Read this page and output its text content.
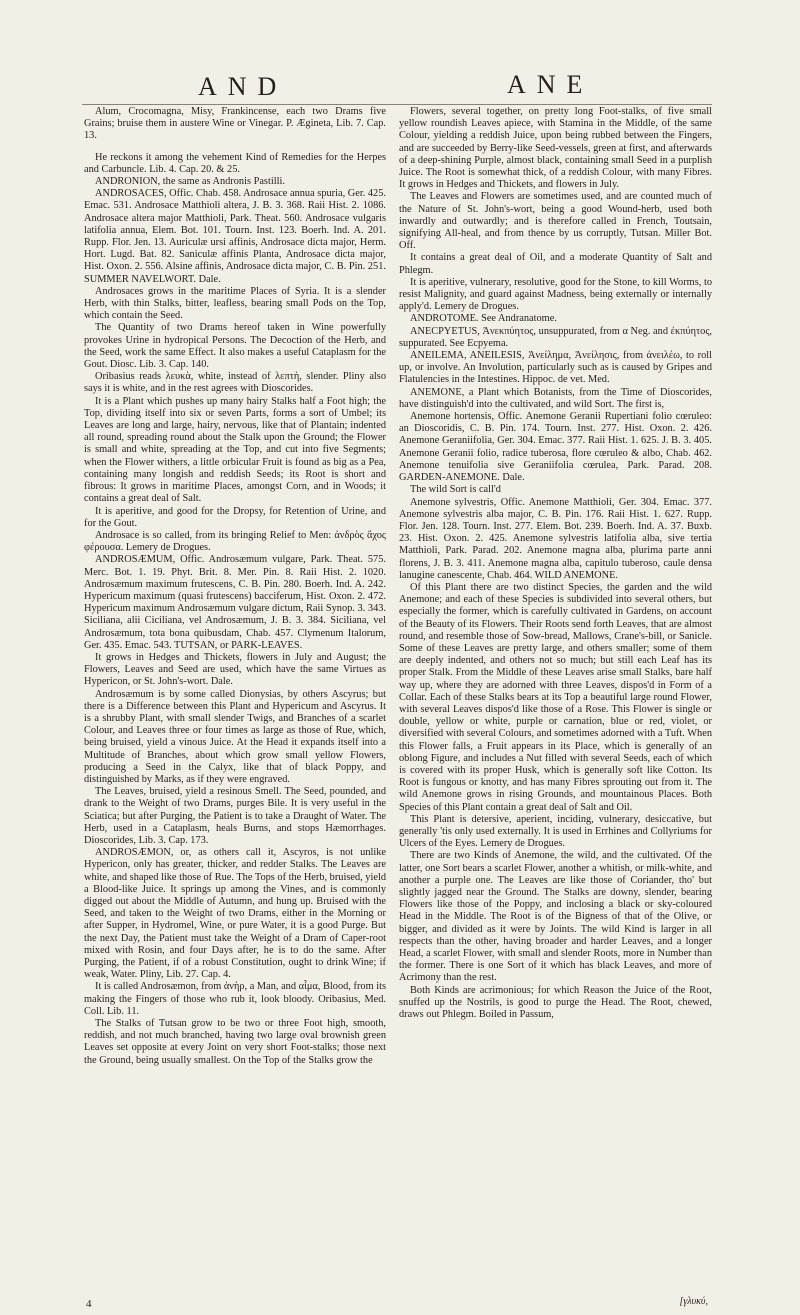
AND	ANE

Alum, Crocomagna, Misy, Frankincense, each two Drams five Grains; bruise them in austere Wine or Vinegar. P. Ægineta, Lib. 7. Cap. 13.

He reckons it among the vehement Kind of Remedies for the Herpes and Carbuncle. Lib. 4. Cap. 20. & 25.

ANDRONION, the same as Andronis Pastilli.

ANDROSACES, Offic. Chab. 458. Androsace annua spuria, Ger. 425. Emac. 531. Androsace Matthioli altera, J. B. 3. 368. Raii Hist. 2. 1086. Androsace altera major Matthioli, Park. Theat. 560. Androsace vulgaris latifolia annua, Elem. Bot. 101. Tourn. Inst. 123. Boerh. Ind. A. 201. Rupp. Flor. Jen. 13. Auriculæ ursi affinis, Androsace dicta major, Herm. Hort. Lugd. Bat. 82. Saniculæ affinis Planta, Androsace dicta major, Hist. Oxon. 2. 556. Alsine affinis, Androsace dicta major, C. B. Pin. 251. SUMMER NAVELWORT. Dale.

Androsaces grows in the maritime Places of Syria. It is a slender Herb, with thin Stalks, bitter, leafless, bearing small Pods on the Top, which contain the Seed.

The Quantity of two Drams hereof taken in Wine powerfully provokes Urine in hydropical Persons. The Decoction of the Herb, and the Seed, work the same Effect. It also makes a useful Cataplasm for the Gout. Diosc. Lib. 3. Cap. 140.

Oribasius reads λευκὰ, white, instead of λεπτὴ, slender. Pliny also says it is white, and in the rest agrees with Dioscorides.

It is a Plant which pushes up many hairy Stalks half a Foot high; the Top, dividing itself into six or seven Parts, forms a sort of Umbel; its Leaves are long and large, hairy, nervous, like that of Plantain; indented all round, spreading round about the Stalk upon the Ground; the Flower is small and white, spreading at the Top, and cut into five Segments; when the Flower withers, a little orbicular Fruit is found as big as a Pea, containing many longish and reddish Seeds; its Root is short and fibrous: It grows in maritime Places, amongst Corn, and in Woods; it contains a great deal of Salt.

It is aperitive, and good for the Dropsy, for Retention of Urine, and for the Gout.

Androsace is so called, from its bringing Relief to Men: ἀνδρὸς ἄχος φέρουσα. Lemery de Drogues.

ANDROSÆMUM, Offic. Androsæmum vulgare, Park. Theat. 575. Merc. Bot. 1. 19. Phyt. Brit. 8. Mer. Pin. 8. Raii Hist. 2. 1020. Androsæmum maximum frutescens, C. B. Pin. 280. Boerh. Ind. A. 242. Hypericum maximum (quasi frutescens) bacciferum, Hist. Oxon. 2. 472. Hypericum maximum Androsæmum vulgare dictum, Raii Synop. 3. 343. Siciliana, alii Ciciliana, vel Androsæmum, J. B. 3. 384. Siciliana, vel Androsæmum, tota bona quibusdam, Chab. 457. Clymenum Italorum, Ger. 435. Emac. 543. TUTSAN, or PARK-LEAVES.

It grows in Hedges and Thickets, flowers in July and August; the Flowers, Leaves and Seed are used, which have the same Virtues as Hypericon, or St. John's-wort. Dale.

Androsæmum is by some called Dionysias, by others Ascyrus; but there is a Difference between this Plant and Hypericum and Ascyrus. It is a shrubby Plant, with small slender Twigs, and Branches of a scarlet Colour, and Leaves three or four times as large as those of Rue, which, being bruised, yield a vinous Juice. At the Head it expands itself into a Multitude of Branches, about which grow small yellow Flowers, producing a Seed in the Calyx, like that of black Poppy, and distinguished by Marks, as if they were engraved.

The Leaves, bruised, yield a resinous Smell. The Seed, pounded, and drank to the Weight of two Drams, purges Bile. It is very useful in the Sciatica; but after Purging, the Patient is to take a Draught of Water. The Herb, used in a Cataplasm, heals Burns, and stops Hæmorrhages. Dioscorides, Lib. 3. Cap. 173.

ANDROSÆMON, or, as others call it, Ascyros, is not unlike Hypericon, only has greater, thicker, and redder Stalks. The Leaves are white, and shaped like those of Rue. The Tops of the Herb, bruised, yield a Blood-like Juice. It springs up among the Vines, and is commonly digged out about the Middle of Autumn, and hung up. Bruised with the Seed, and taken to the Weight of two Drams, either in the Morning or after Supper, in Hydromel, Wine, or pure Water, it is a good Purge. But the next Day, the Patient must take the Weight of a Dram of Caper-root mixed with Rosin, and four Days after, he is to do the same. After Purging, the Patient, if of a robust Constitution, ought to drink Wine; if weak, Water. Pliny, Lib. 27. Cap. 4.

It is called Androsæmon, from ἀνὴρ, a Man, and αἷμα, Blood, from its making the Fingers of those who rub it, look bloody. Oribasius, Med. Coll. Lib. 11.

The Stalks of Tutsan grow to be two or three Foot high, smooth, reddish, and not much branched, having two large oval brownish green Leaves set opposite at every Joint on very short Foot-stalks; those next the Ground, being usually smallest. On the Top of the Stalks grow the

Flowers, several together, on pretty long Foot-stalks, of five small yellow roundish Leaves apiece, with Stamina in the Middle, of the same Colour, yielding a reddish Juice, upon being rubbed between the Fingers, and are succeeded by Berry-like Seed-vessels, green at first, and afterwards of a deep-shining Purple, almost black, containing small Seed in a purplish Juice. The Root is somewhat thick, of a reddish Colour, with many Fibres. It grows in Hedges and Thickets, and flowers in July.

The Leaves and Flowers are sometimes used, and are counted much of the Nature of St. John's-wort, being a good Wound-herb, used both inwardly and outwardly; and is therefore called in French, Toutsain, signifying All-heal, and from thence by us corruptly, Tutsan. Miller Bot. Off.

It contains a great deal of Oil, and a moderate Quantity of Salt and Phlegm.

It is aperitive, vulnerary, resolutive, good for the Stone, to kill Worms, to resist Malignity, and guard against Madness, being externally or internally apply'd. Lemery de Drogues.

ANDROTOME. See Andranatome.

ANECPYETUS, Ἀνεκπύητος, unsuppurated, from α Neg. and ἐκπύητος, suppurated. See Ecpyema.

ANEILEMA, ANEILESIS, Ἀνείλημα, Ἀνείλησις, from ἀνειλέω, to roll up, or involve. An Involution, particularly such as is caused by Gripes and Flatulencies in the Intestines. Hippoc. de vet. Med.

ANEMONE, a Plant which Botanists, from the Time of Dioscorides, have distinguish'd into the cultivated, and wild Sort. The first is,

Anemone hortensis, Offic. Anemone Geranii Rupertiani folio cœruleo: an Dioscoridis, C. B. Pin. 174. Tourn. Inst. 277. Hist. Oxon. 2. 426. Anemone Geraniifolia, Ger. 304. Emac. 377. Raii Hist. 1. 625. J. B. 3. 405. Anemone Geranii folio, radice tuberosa, flore cœruleo & albo, Chab. 462. Anemone tenuifolia sive Geraniifolia cœrulea, Park. Parad. 208. GARDEN-ANEMONE. Dale.

The wild Sort is call'd

Anemone sylvestris, Offic. Anemone Matthioli, Ger. 304. Emac. 377. Anemone sylvestris alba major, C. B. Pin. 176. Raii Hist. 1. 627. Rupp. Flor. Jen. 128. Tourn. Inst. 277. Elem. Bot. 239. Boerh. Ind. A. 37. Buxb. 23. Hist. Oxon. 2. 425. Anemone sylvestris latifolia alba, sive tertia Matthioli, Park. Parad. 202. Anemone magna alba, plurima parte anni florens, J. B. 3. 411. Anemone magna alba, capitulo tuberoso, caule densa lanugine canescente, Chab. 464. WILD ANEMONE.

Of this Plant there are two distinct Species, the garden and the wild Anemone; and each of these Species is subdivided into several others, but especially the former, which is carefully cultivated in Gardens, on account of the Beauty of its Flowers. Their Roots send forth Leaves, that are almost round, and resemble those of Sow-bread, Mallows, Crane's-bill, or Sanicle. Some of these Leaves are pretty large, and others smaller; some of them are deeply indented, and others not so much; but still each Leaf has its proper Stalk. From the Middle of these Leaves arise small Stalks, bare half way up, where they are adorned with three Leaves, dispos'd in Form of a Collar. Each of these Stalks bears at its Top a beautiful large round Flower, with several Leaves dispos'd like those of a Rose. This Flower is single or double, yellow or white, purple or carnation, blue or red, violet, or diversified with several Colours, and sometimes adorned with a Tuft. When this Flower falls, a Fruit appears in its Place, which is generally of an oblong Figure, and includes a Nut filled with several Seeds, each of which is covered with its proper Husk, which is generally soft like Cotton. Its Root is fungous or knotty, and has many Fibres sprouting out from it. The wild Anemone grows in rising Grounds, and mountainous Places. Both Species of this Plant contain a great deal of Salt and Oil.

This Plant is detersive, aperient, inciding, vulnerary, desiccative, but generally 'tis only used externally. It is used in Errhines and Collyriums for Ulcers of the Eyes. Lemery de Drogues.

There are two Kinds of Anemone, the wild, and the cultivated. Of the latter, one Sort bears a scarlet Flower, another a whitish, or milk-white, and another a purple one. The Leaves are like those of Coriander, tho' but slightly jagged near the Ground. The Stalks are downy, slender, bearing Flowers like those of the Poppy, and inclosing a black or sky-coloured Head in the Middle. The Root is of the Bigness of that of the Olive, or bigger, and divided as it were by Joints. The wild Kind is larger in all respects than the other, having broader and harder Leaves, and a longer Head, a scarlet Flower, with small and slender Roots, more in Number than the former. There is one Sort of it which has black Leaves, and more of Acrimony than the rest.

Both Kinds are acrimonious; for which Reason the Juice of the Root, snuffed up the Nostrils, is good to purge the Head. The Root, chewed, draws out Phlegm. Boiled in Passum,

[γλυκύ,
4
